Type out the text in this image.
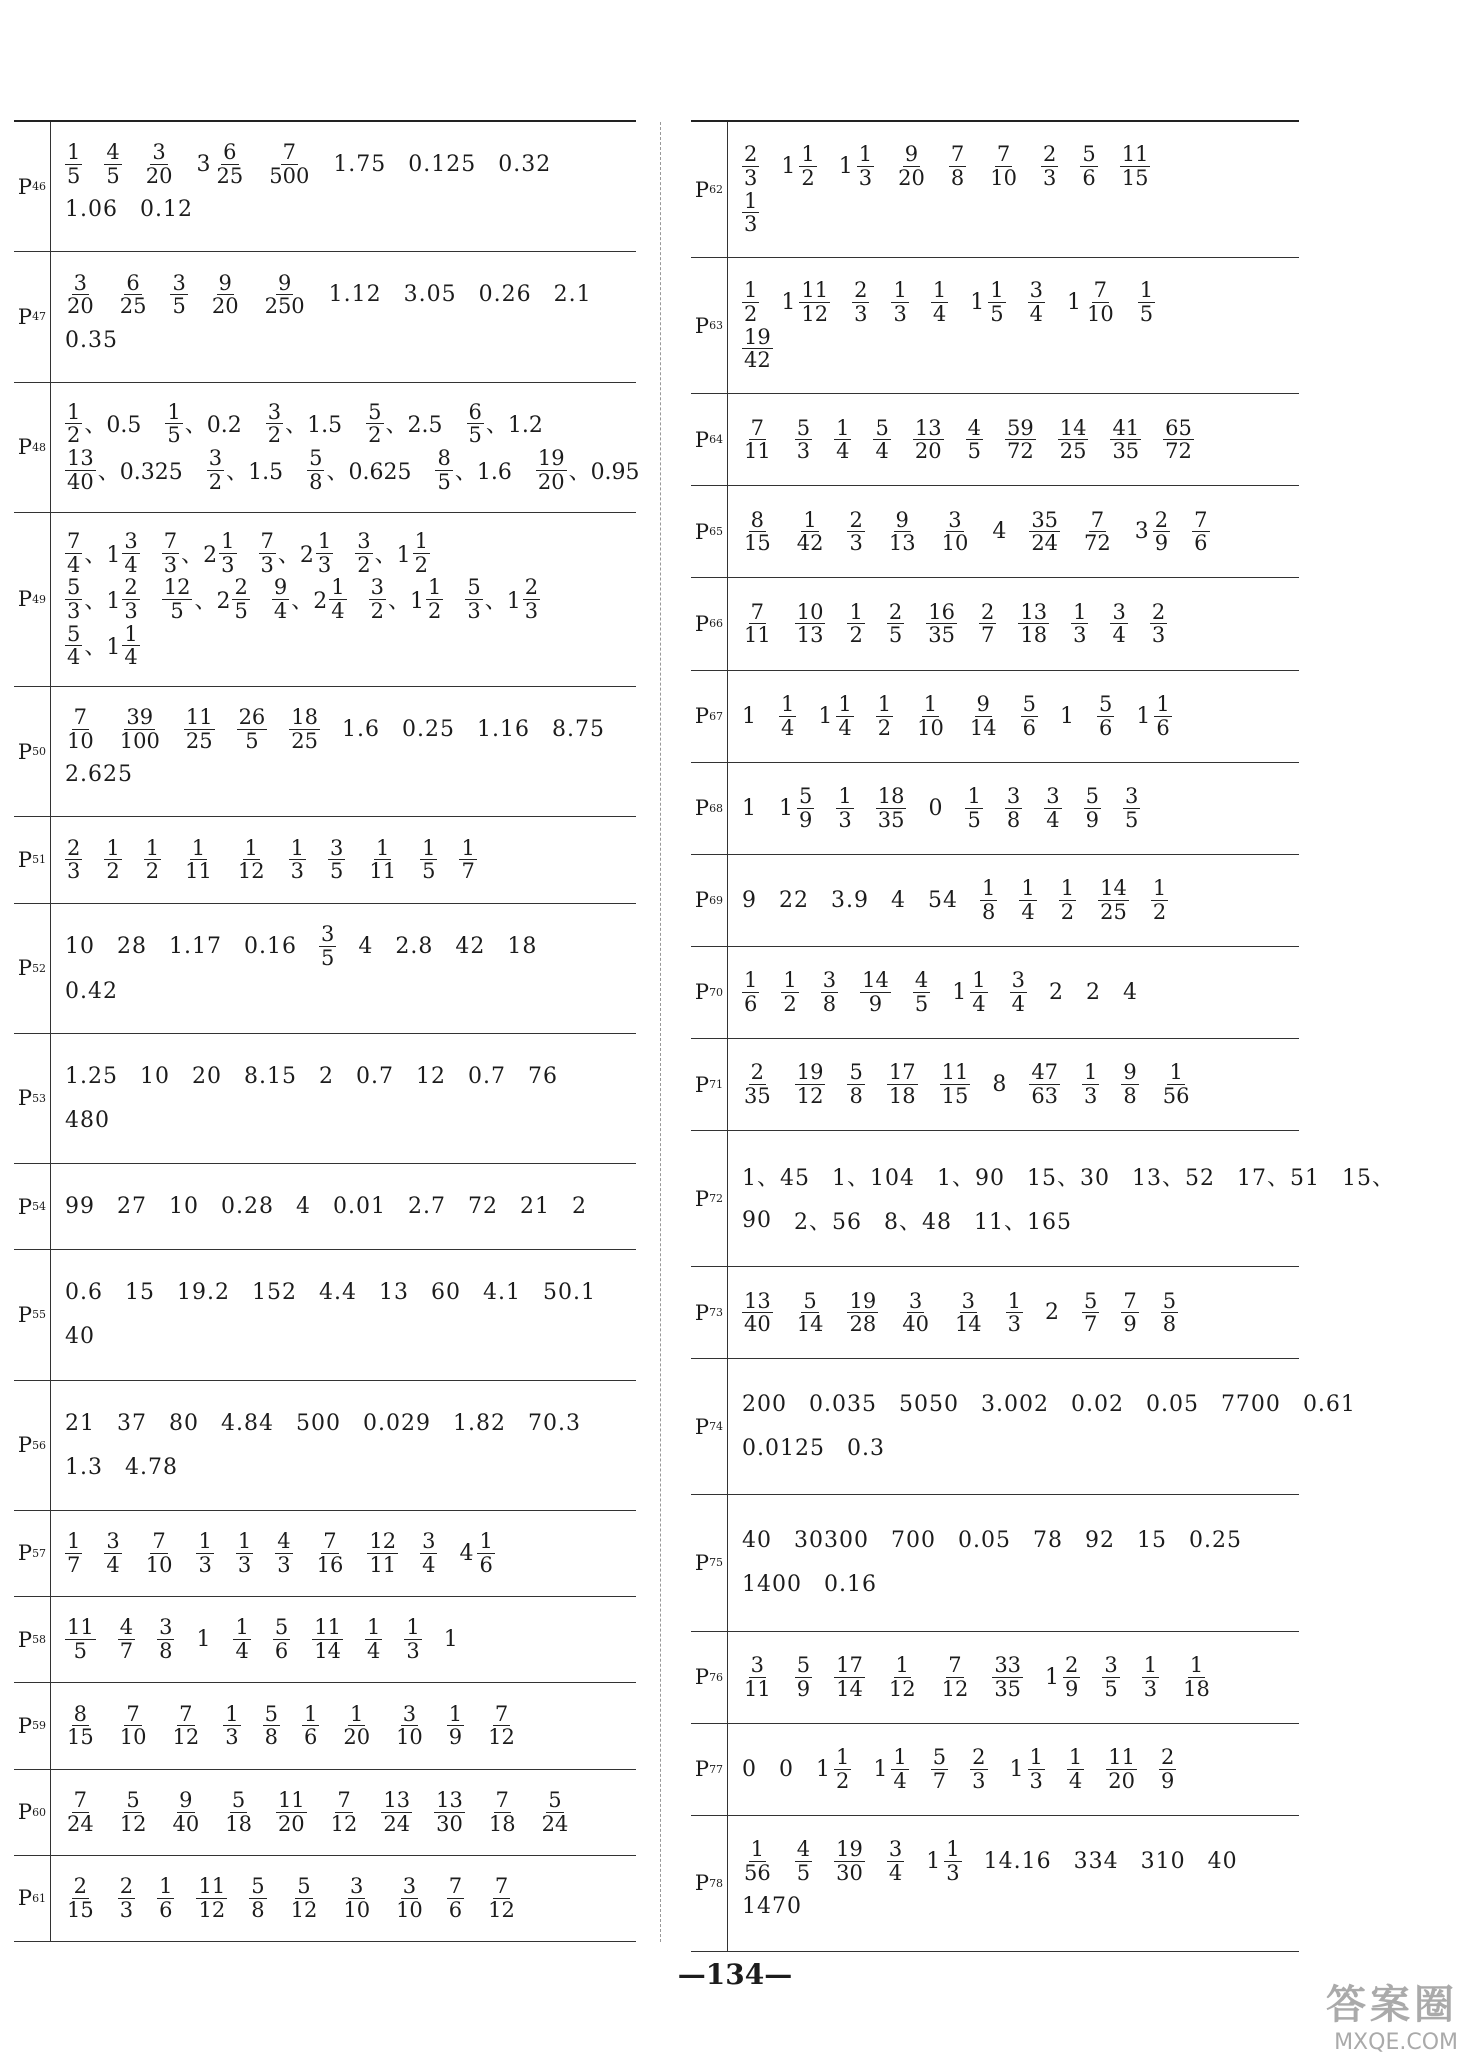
P $46 \frac{1}{5} \frac{4}{5} \frac{3}{20} 3 \frac{6}{25} \frac{7}{500} 1.75$ 0.125 0.32
1.06 0.12
P $47 \frac{3}{20} \frac{6}{25} \frac{3}{5} \frac{9}{20} \frac{9}{250} 1.12$ 3.05 0.26 2.1
0.35
P $48 \frac{1}{2}$ 、$0.5 \frac{1}{5}$ 、$0.2 \frac{3}{2}$ 、$1.5 \frac{5}{2}$ 、$2.5 \frac{6}{5}$ 、1.2
$\frac{13}{40}$ 、$0.325 \frac{3}{2}$ 、$1.5 \frac{5}{8}$ 、$0.625 \frac{8}{5}$ 、$1.6 \frac{19}{20}$ 、0.95
P 49
$\frac{7}{4}$ 、$1 \frac{3}{4} \frac{7}{3}$ 、$2 \frac{1}{3} \frac{7}{3}$ 、$2 \frac{1}{3} \frac{3}{2}$ 、$1 \frac{1}{2}$
$\frac{5}{3}$ 、$1 \frac{2}{3} \frac{12}{5}$ 、$2 \frac{2}{5} \frac{9}{4}$ 、$2 \frac{1}{4} \frac{3}{2}$ 、$1 \frac{1}{2} \frac{5}{3}$ 、$1 \frac{2}{3}$
$\frac{5}{4}$ 、$1 \frac{1}{4}$
P $50 \frac{7}{10} \frac{39}{100} \frac{11}{25} \frac{26}{5} \frac{18}{25} 1.6$ 0.25 1.16 8.75
2.625
P $51 \frac{2}{3} \frac{1}{2} \frac{1}{2} \frac{1}{11} \frac{1}{12} \frac{1}{3} \frac{3}{5} \frac{1}{11} \frac{1}{5} \frac{1}{7}$
P 52
10 28 1.17 $0.16 \frac{3}{5} 4$ 2.8 42 18
0.42
P 53
1.25 10 20 8.15 2 0.7 12 0.7 76
480
P 54 99 27 10 0.28 4 0.01 2.7 72 21 2
P 55
0.6 15 19.2 152 4.4 13 60 4.1 50.1
40
P 56
21 37 80 4.84 500 0.029 1.82 70.3
1.3 4.78
P $57 \frac{1}{7} \frac{3}{4} \frac{7}{10} \frac{1}{3} \frac{1}{3} \frac{4}{3} \frac{7}{16} \frac{12}{11} \frac{3}{4} 4 \frac{1}{6}$
P $58 \frac{11}{5} \frac{4}{7} \frac{3}{8} 1 \frac{1}{4} \frac{5}{6} \frac{11}{14} \frac{1}{4} \frac{1}{3} 1$
P $59 \frac{8}{15} \frac{7}{10} \frac{7}{12} \frac{1}{3} \frac{5}{8} \frac{1}{6} \frac{1}{20} \frac{3}{10} \frac{1}{9} \frac{7}{12}$
P $60 \frac{7}{24} \frac{5}{12} \frac{9}{40} \frac{5}{18} \frac{11}{20} \frac{7}{12} \frac{13}{24} \frac{13}{30} \frac{7}{18} \frac{5}{24}$
P $61 \frac{2}{15} \frac{2}{3} \frac{1}{6} \frac{11}{12} \frac{5}{8} \frac{5}{12} \frac{3}{10} \frac{3}{10} \frac{7}{6} \frac{7}{12}$
P $62 \frac{2}{3} 1 \frac{1}{2} 1 \frac{1}{3} \frac{9}{20} \frac{7}{8} \frac{7}{10} \frac{2}{3} \frac{5}{6} \frac{11}{15}$
$\frac{1}{3}$
P $63 \frac{1}{2} 1 \frac{11}{12} \frac{2}{3} \frac{1}{3} \frac{1}{4} 1 \frac{1}{5} \frac{3}{4} 1 \frac{7}{10} \frac{1}{5}$
$\frac{19}{42}$
P $64 \frac{7}{11} \frac{5}{3} \frac{1}{4} \frac{5}{4} \frac{13}{20} \frac{4}{5} \frac{59}{72} \frac{14}{25} \frac{41}{35} \frac{65}{72}$
P $65 \frac{8}{15} \frac{1}{42} \frac{2}{3} \frac{9}{13} \frac{3}{10} 4 \frac{35}{24} \frac{7}{72} 3 \frac{2}{9} \frac{7}{6}$
P $66 \frac{7}{11} \frac{10}{13} \frac{1}{2} \frac{2}{5} \frac{16}{35} \frac{2}{7} \frac{13}{18} \frac{1}{3} \frac{3}{4} \frac{2}{3}$
P 67 $1 \frac{1}{4} 1 \frac{1}{4} \frac{1}{2} \frac{1}{10} \frac{9}{14} \frac{5}{6} 1 \frac{5}{6} 1 \frac{1}{6}$
P 68 1 $1 \frac{5}{9} \frac{1}{3} \frac{18}{35} 0 \frac{1}{5} \frac{3}{8} \frac{3}{4} \frac{5}{9} \frac{3}{5}$
P 69 9 22 3.9 4 $54 \frac{1}{8} \frac{1}{4} \frac{1}{2} \frac{14}{25} \frac{1}{2}$
P $70 \frac{1}{6} \frac{1}{2} \frac{3}{8} \frac{14}{9} \frac{4}{5} 1 \frac{1}{4} \frac{3}{4} 2$ 2 4
P $71 \frac{2}{35} \frac{19}{12} \frac{5}{8} \frac{17}{18} \frac{11}{15} 8 \frac{47}{63} \frac{1}{3} \frac{9}{8} \frac{1}{56}$
P 72
1、45 1、104 1、90 15、30 13、52 17、51 15、
90 2、56 8、48 11、165
P $73 \frac{13}{40} \frac{5}{14} \frac{19}{28} \frac{3}{40} \frac{3}{14} \frac{1}{3} 2 \frac{5}{7} \frac{7}{9} \frac{5}{8}$
P 74
200 0.035 5050 3.002 0.02 0.05 7700 0.61
0.0125 0.3
P 75
40 30300 700 0.05 78 92 15 0.25
1400 0.16
P $76 \frac{3}{11} \frac{5}{9} \frac{17}{14} \frac{1}{12} \frac{7}{12} \frac{33}{35} 1 \frac{2}{9} \frac{3}{5} \frac{1}{3} \frac{1}{18}$
P 77 0 0 $1 \frac{1}{2} 1 \frac{1}{4} \frac{5}{7} \frac{2}{3} 1 \frac{1}{3} \frac{1}{4} \frac{11}{20} \frac{2}{9}$
P $78 \frac{1}{56} \frac{4}{5} \frac{19}{30} \frac{3}{4} 1 \frac{1}{3} 14.16$ 334 310 40
1470
—134—
答案圈
MXQE.COM
